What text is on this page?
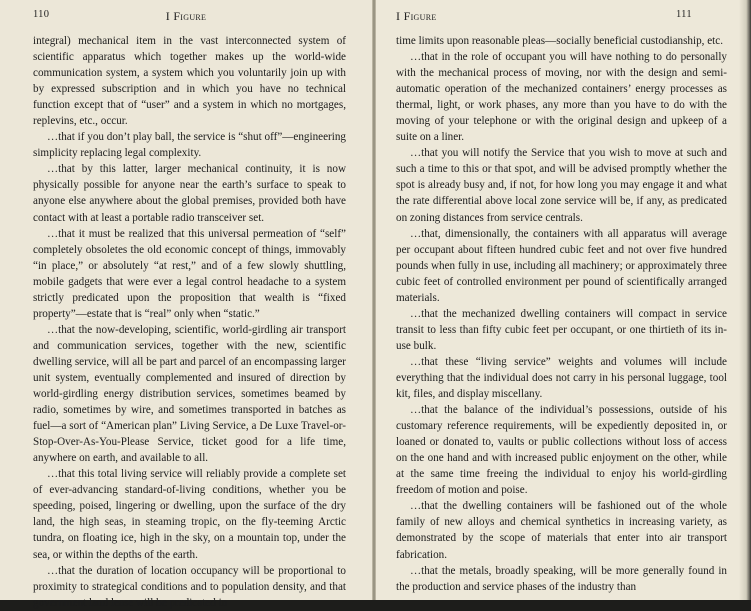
110	I Figure

integral) mechanical item in the vast interconnected system of scientific apparatus which together makes up the world-wide communication system, a system which you voluntarily join up with by expressed subscription and in which you have no technical function except that of “user” and a system in which no mortgages, replevins, etc., occur.

…that if you don’t play ball, the service is “shut off”—engineering simplicity replacing legal complexity.

…that by this latter, larger mechanical continuity, it is now physically possible for anyone near the earth’s surface to speak to anyone else anywhere about the global premises, provided both have contact with at least a portable radio transceiver set.

…that it must be realized that this universal permeation of “self” completely obsoletes the old economic concept of things, immovably “in place,” or absolutely “at rest,” and of a few slowly shuttling, mobile gadgets that were ever a legal control headache to a system strictly predicated upon the proposition that wealth is “fixed property”—estate that is “real” only when “static.”

…that the now-developing, scientific, world-girdling air transport and communication services, together with the new, scientific dwelling service, will all be part and parcel of an encompassing larger unit system, eventually complemented and insured of direction by world-girdling energy distribution services, sometimes beamed by radio, sometimes by wire, and sometimes transported in batches as fuel—a sort of “American plan” Living Service, a De Luxe Travel-or-Stop-Over-As-You-Please Service, ticket good for a life time, anywhere on earth, and available to all.

…that this total living service will reliably provide a complete set of ever-advancing standard-of-living conditions, whether you be speeding, poised, lingering or dwelling, upon the surface of the dry land, the high seas, in steaming tropic, on the fly-teeming Arctic tundra, on floating ice, high in the sky, on a mountain top, under the sea, or within the depths of the earth.

…that the duration of location occupancy will be proportional to proximity to strategical conditions and to population density, and that government land lease will be predicated in

I Figure	111

time limits upon reasonable pleas—socially beneficial custodianship, etc.

…that in the role of occupant you will have nothing to do personally with the mechanical process of moving, nor with the design and semi-automatic operation of the mechanized containers’ energy processes as thermal, light, or work phases, any more than you have to do with the moving of your telephone or with the original design and upkeep of a suite on a liner.

…that you will notify the Service that you wish to move at such and such a time to this or that spot, and will be advised promptly whether the spot is already busy and, if not, for how long you may engage it and what the rate differential above local zone service will be, if any, as predicated on zoning distances from service centrals.

…that, dimensionally, the containers with all apparatus will average per occupant about fifteen hundred cubic feet and not over five hundred pounds when fully in use, including all machinery; or approximately three cubic feet of controlled environment per pound of scientifically arranged materials.

…that the mechanized dwelling containers will compact in service transit to less than fifty cubic feet per occupant, or one thirtieth of its in-use bulk.

…that these “living service” weights and volumes will include everything that the individual does not carry in his personal luggage, tool kit, files, and display miscellany.

…that the balance of the individual’s possessions, outside of his customary reference requirements, will be expediently deposited in, or loaned or donated to, vaults or public collections without loss of access on the one hand and with increased public enjoyment on the other, while at the same time freeing the individual to enjoy his world-girdling freedom of motion and poise.

…that the dwelling containers will be fashioned out of the whole family of new alloys and chemical synthetics in increasing variety, as demonstrated by the scope of materials that enter into air transport fabrication.

…that the metals, broadly speaking, will be more generally found in the production and service phases of the industry than
